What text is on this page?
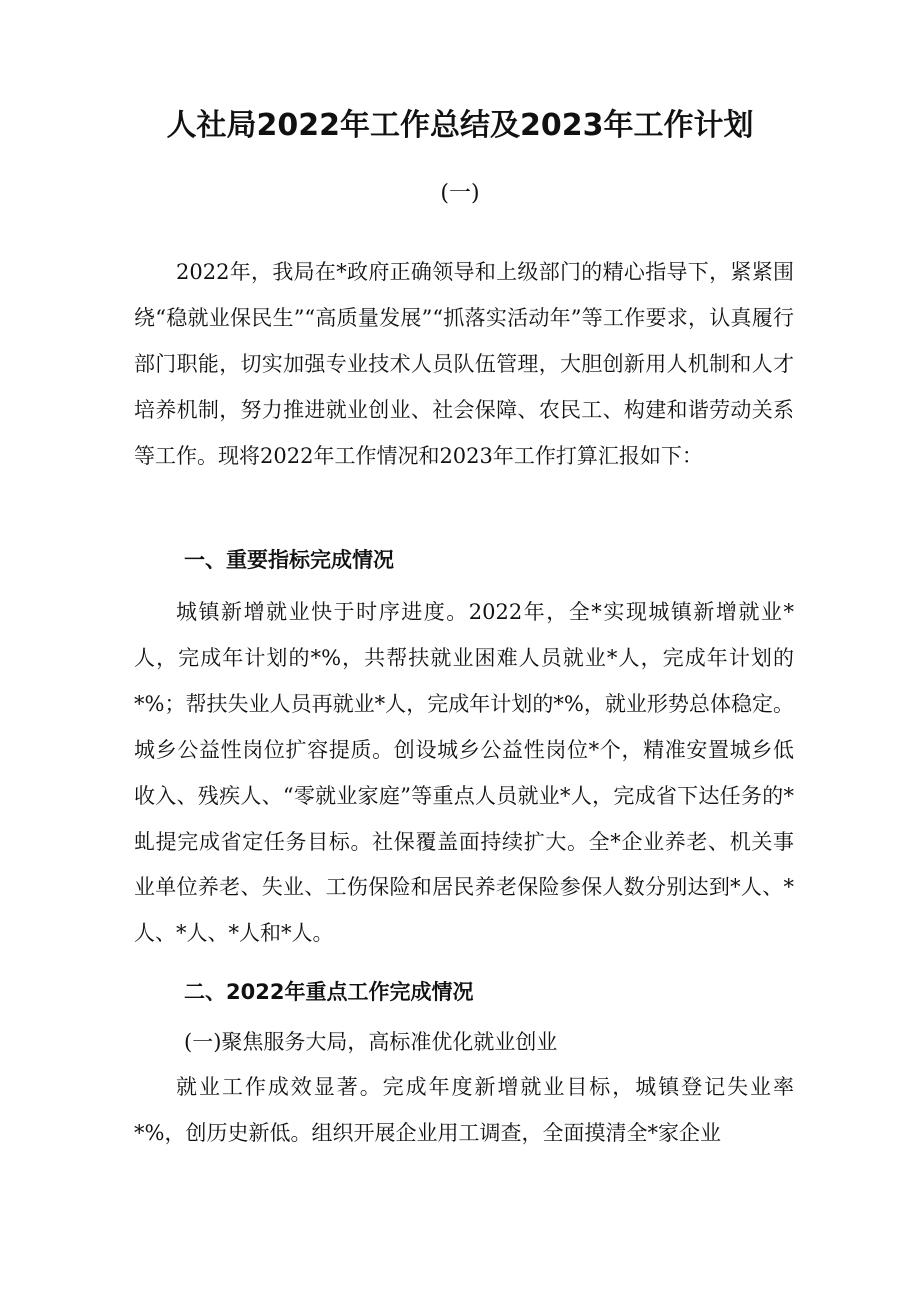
人社局2022年工作总结及2023年工作计划
(一)

2022年，我局在*政府正确领导和上级部门的精心指导下，紧紧围绕“稳就业保民生”“高质量发展”“抓落实活动年”等工作要求，认真履行部门职能，切实加强专业技术人员队伍管理，大胆创新用人机制和人才培养机制，努力推进就业创业、社会保障、农民工、构建和谐劳动关系等工作。现将2022年工作情况和2023年工作打算汇报如下：

一、重要指标完成情况

城镇新增就业快于时序进度。2022年，全*实现城镇新增就业*人，完成年计划的*%，共帮扶就业困难人员就业*人，完成年计划的*%；帮扶失业人员再就业*人，完成年计划的*%，就业形势总体稳定。城乡公益性岗位扩容提质。创设城乡公益性岗位*个，精准安置城乡低收入、残疾人、“零就业家庭”等重点人员就业*人，完成省下达任务的*虬提完成省定任务目标。社保覆盖面持续扩大。全*企业养老、机关事业单位养老、失业、工伤保险和居民养老保险参保人数分别达到*人、*人、*人、*人和*人。

二、2022年重点工作完成情况
(一)聚焦服务大局，高标准优化就业创业

就业工作成效显著。完成年度新增就业目标，城镇登记失业率*%，创历史新低。组织开展企业用工调查，全面摸清全*家企业
